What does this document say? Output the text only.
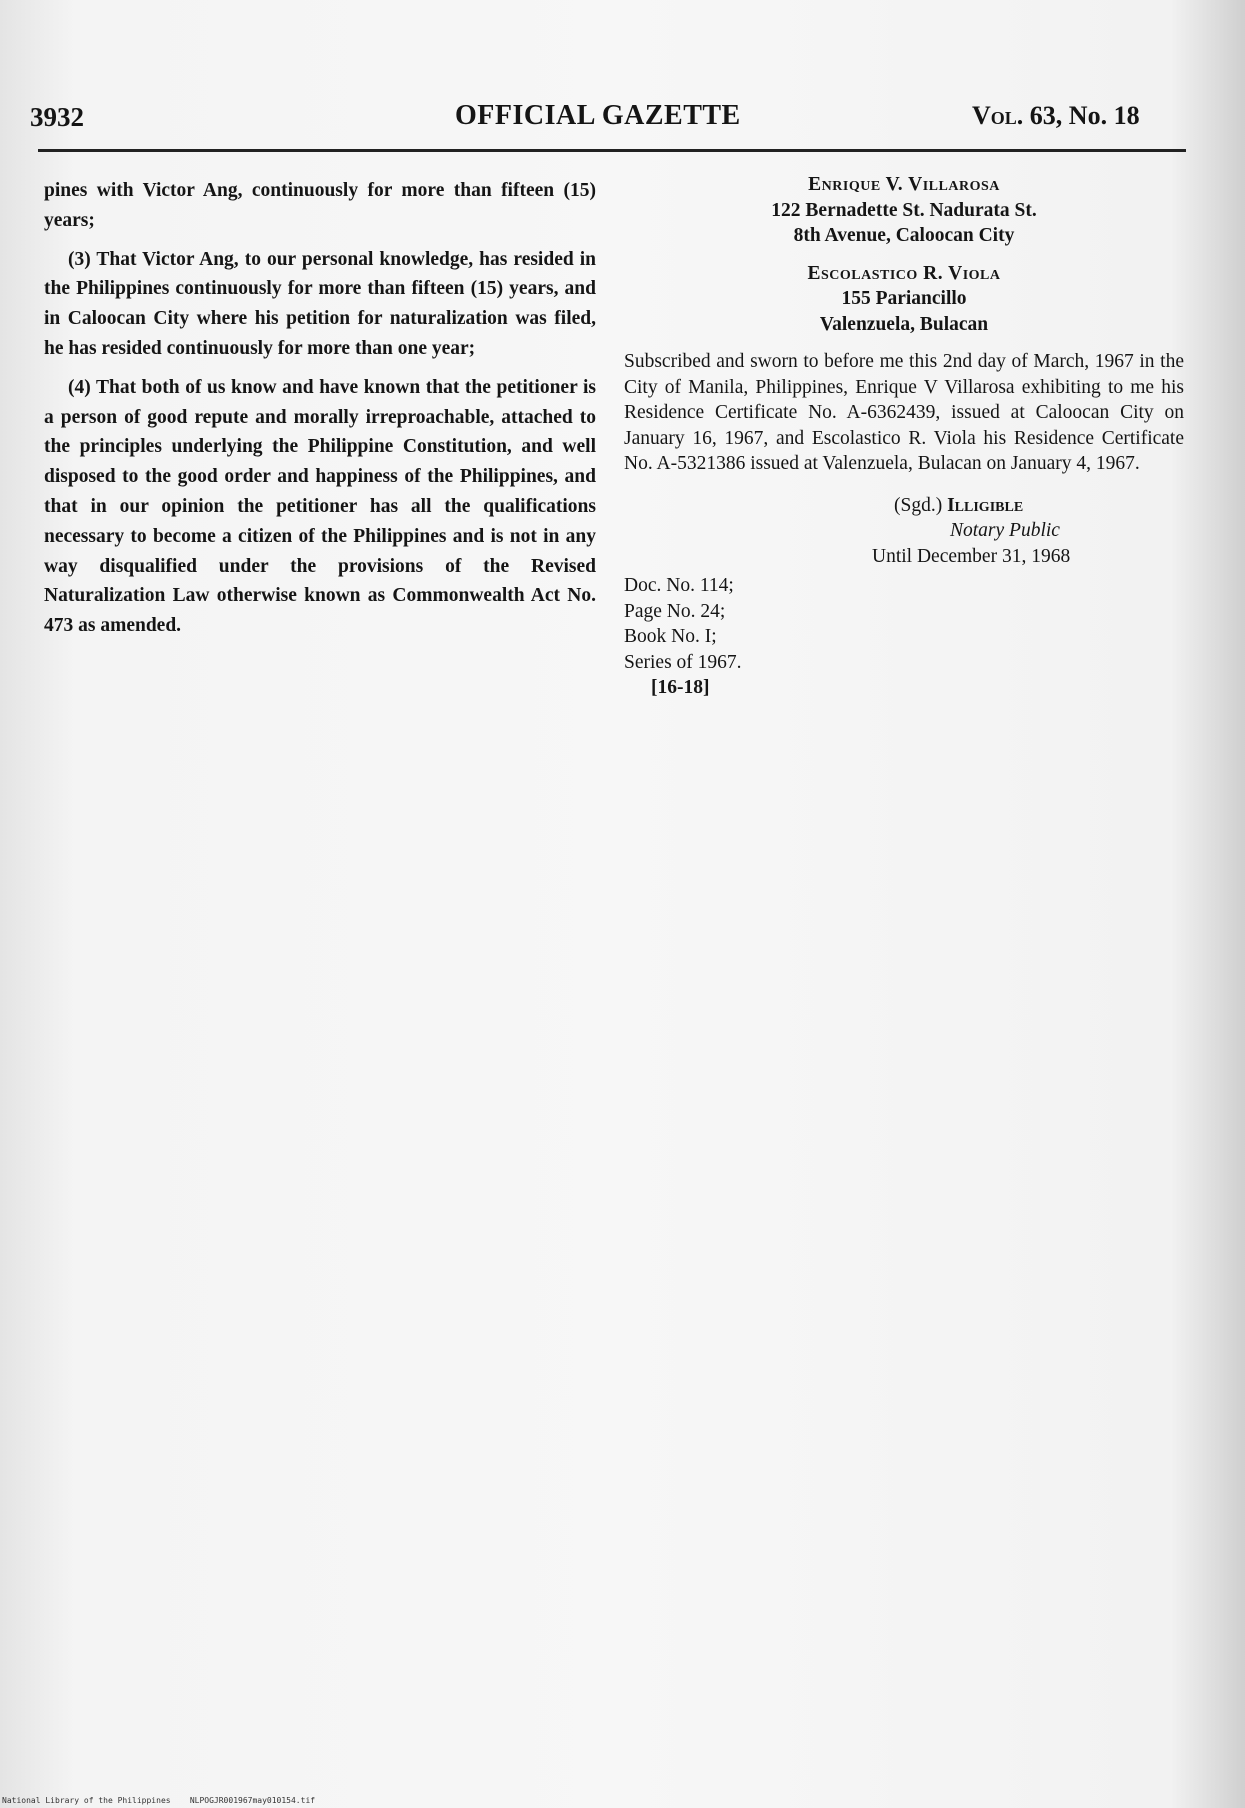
3932	OFFICIAL GAZETTE	Vol. 63, No. 18

pines with Victor Ang, continuously for more than fifteen (15) years;

(3) That Victor Ang, to our personal knowledge, has resided in the Philippines continuously for more than fifteen (15) years, and in Caloocan City where his petition for naturalization was filed, he has resided continuously for more than one year;

(4) That both of us know and have known that the petitioner is a person of good repute and morally irreproachable, attached to the principles underlying the Philippine Constitution, and well disposed to the good order and happiness of the Philippines, and that in our opinion the petitioner has all the qualifications necessary to become a citizen of the Philippines and is not in any way disqualified under the provisions of the Revised Naturalization Law otherwise known as Commonwealth Act No. 473 as amended.

Enrique V. Villarosa
122 Bernadette St. Nadurata St.
8th Avenue, Caloocan City
Escolastico R. Viola
155 Pariancillo
Valenzuela, Bulacan

Subscribed and sworn to before me this 2nd day of March, 1967 in the City of Manila, Philippines, Enrique V Villarosa exhibiting to me his Residence Certificate No. A-6362439, issued at Caloocan City on January 16, 1967, and Escolastico R. Viola his Residence Certificate No. A-5321386 issued at Valenzuela, Bulacan on January 4, 1967.

(Sgd.) Illigible
Notary Public
Until December 31, 1968
Doc. No. 114;
Page No. 24;
Book No. I;
Series of 1967.
[16-18]
National Library of the Philippines NLPOGJR001967may010154.tif
